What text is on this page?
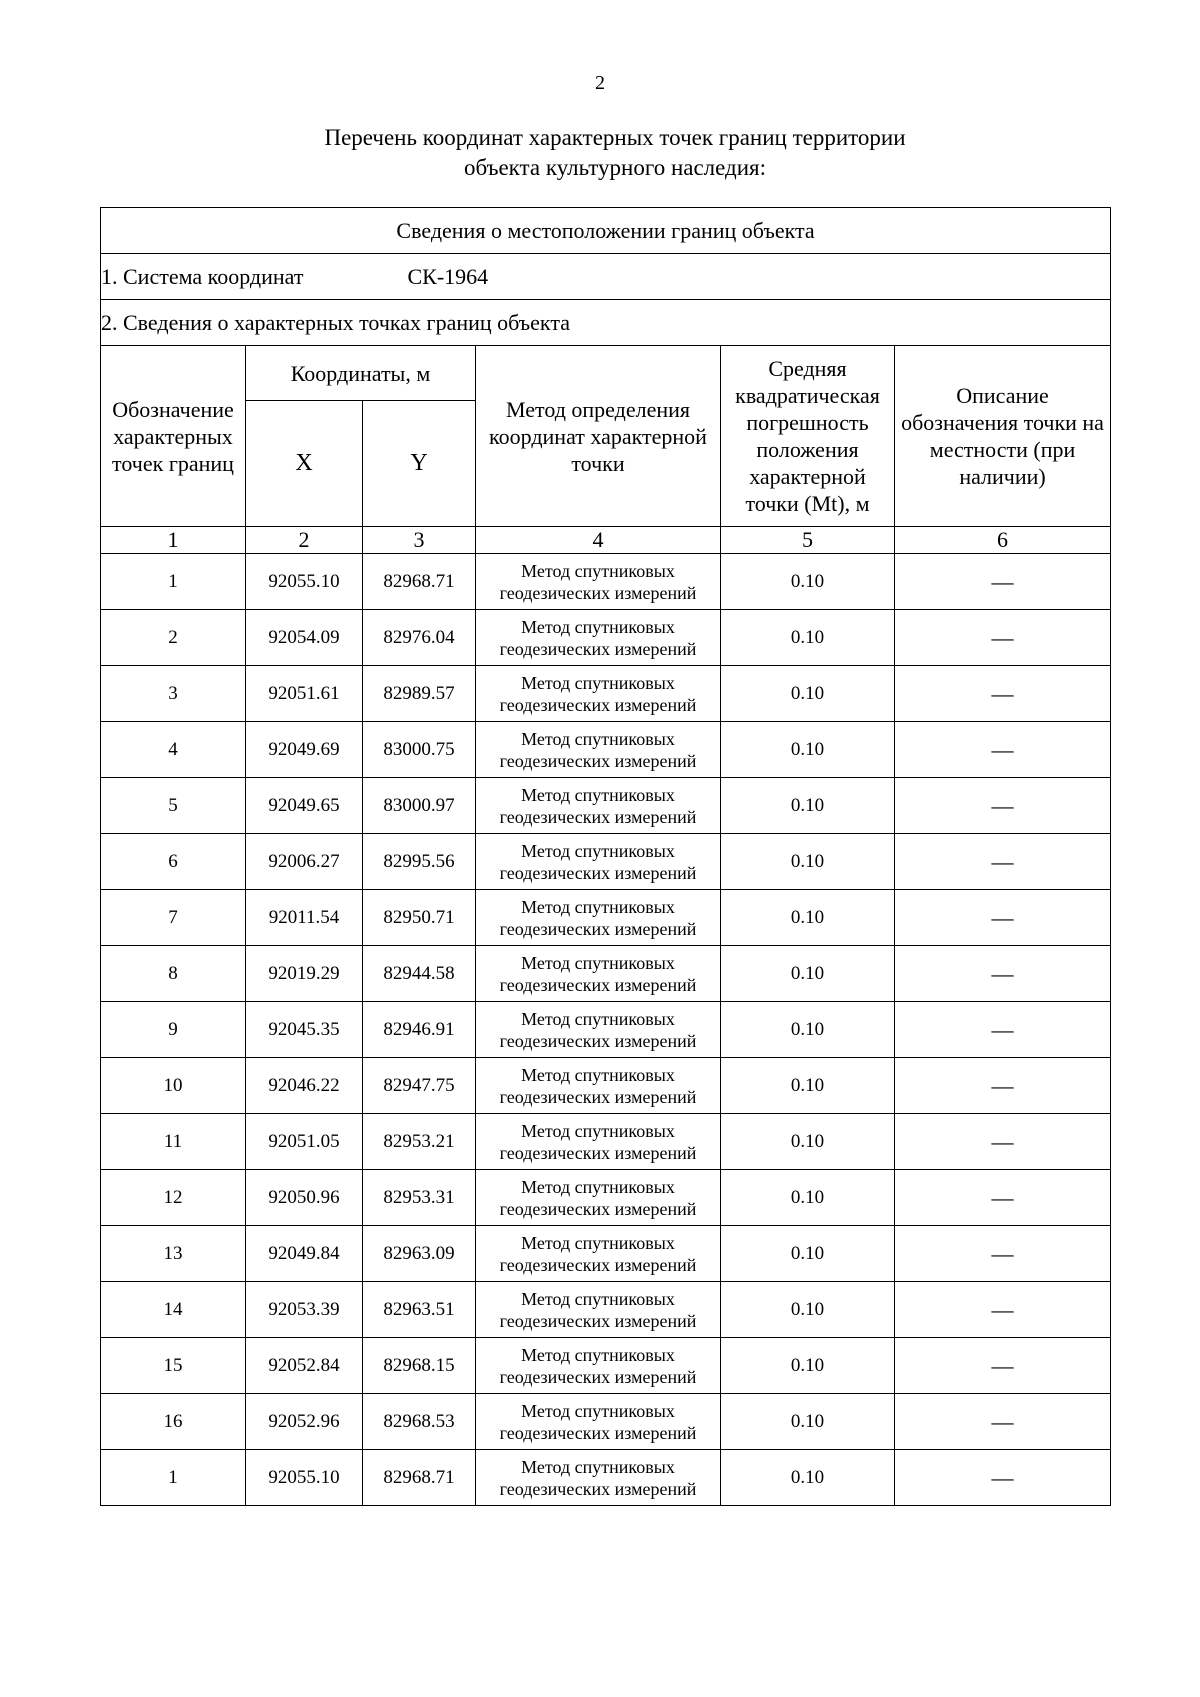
2
Перечень координат характерных точек границ территории
объекта культурного наследия:
Сведения о местоположении границ объекта					
1. Система координат СК-1964					
2. Сведения о характерных точках границ объекта					
Обозначение характерных точек границ	Координаты, м		Метод определения координат характерной точки	Средняя квадратическая погрешность положения характерной точки (Mt), м	Описание обозначения точки на местности (при наличии)
	X	Y			
1	2	3	4	5	6
1	92055.10	82968.71	Метод спутниковых геодезических измерений	0.10	—
2	92054.09	82976.04	Метод спутниковых геодезических измерений	0.10	—
3	92051.61	82989.57	Метод спутниковых геодезических измерений	0.10	—
4	92049.69	83000.75	Метод спутниковых геодезических измерений	0.10	—
5	92049.65	83000.97	Метод спутниковых геодезических измерений	0.10	—
6	92006.27	82995.56	Метод спутниковых геодезических измерений	0.10	—
7	92011.54	82950.71	Метод спутниковых геодезических измерений	0.10	—
8	92019.29	82944.58	Метод спутниковых геодезических измерений	0.10	—
9	92045.35	82946.91	Метод спутниковых геодезических измерений	0.10	—
10	92046.22	82947.75	Метод спутниковых геодезических измерений	0.10	—
11	92051.05	82953.21	Метод спутниковых геодезических измерений	0.10	—
12	92050.96	82953.31	Метод спутниковых геодезических измерений	0.10	—
13	92049.84	82963.09	Метод спутниковых геодезических измерений	0.10	—
14	92053.39	82963.51	Метод спутниковых геодезических измерений	0.10	—
15	92052.84	82968.15	Метод спутниковых геодезических измерений	0.10	—
16	92052.96	82968.53	Метод спутниковых геодезических измерений	0.10	—
1	92055.10	82968.71	Метод спутниковых геодезических измерений	0.10	—
